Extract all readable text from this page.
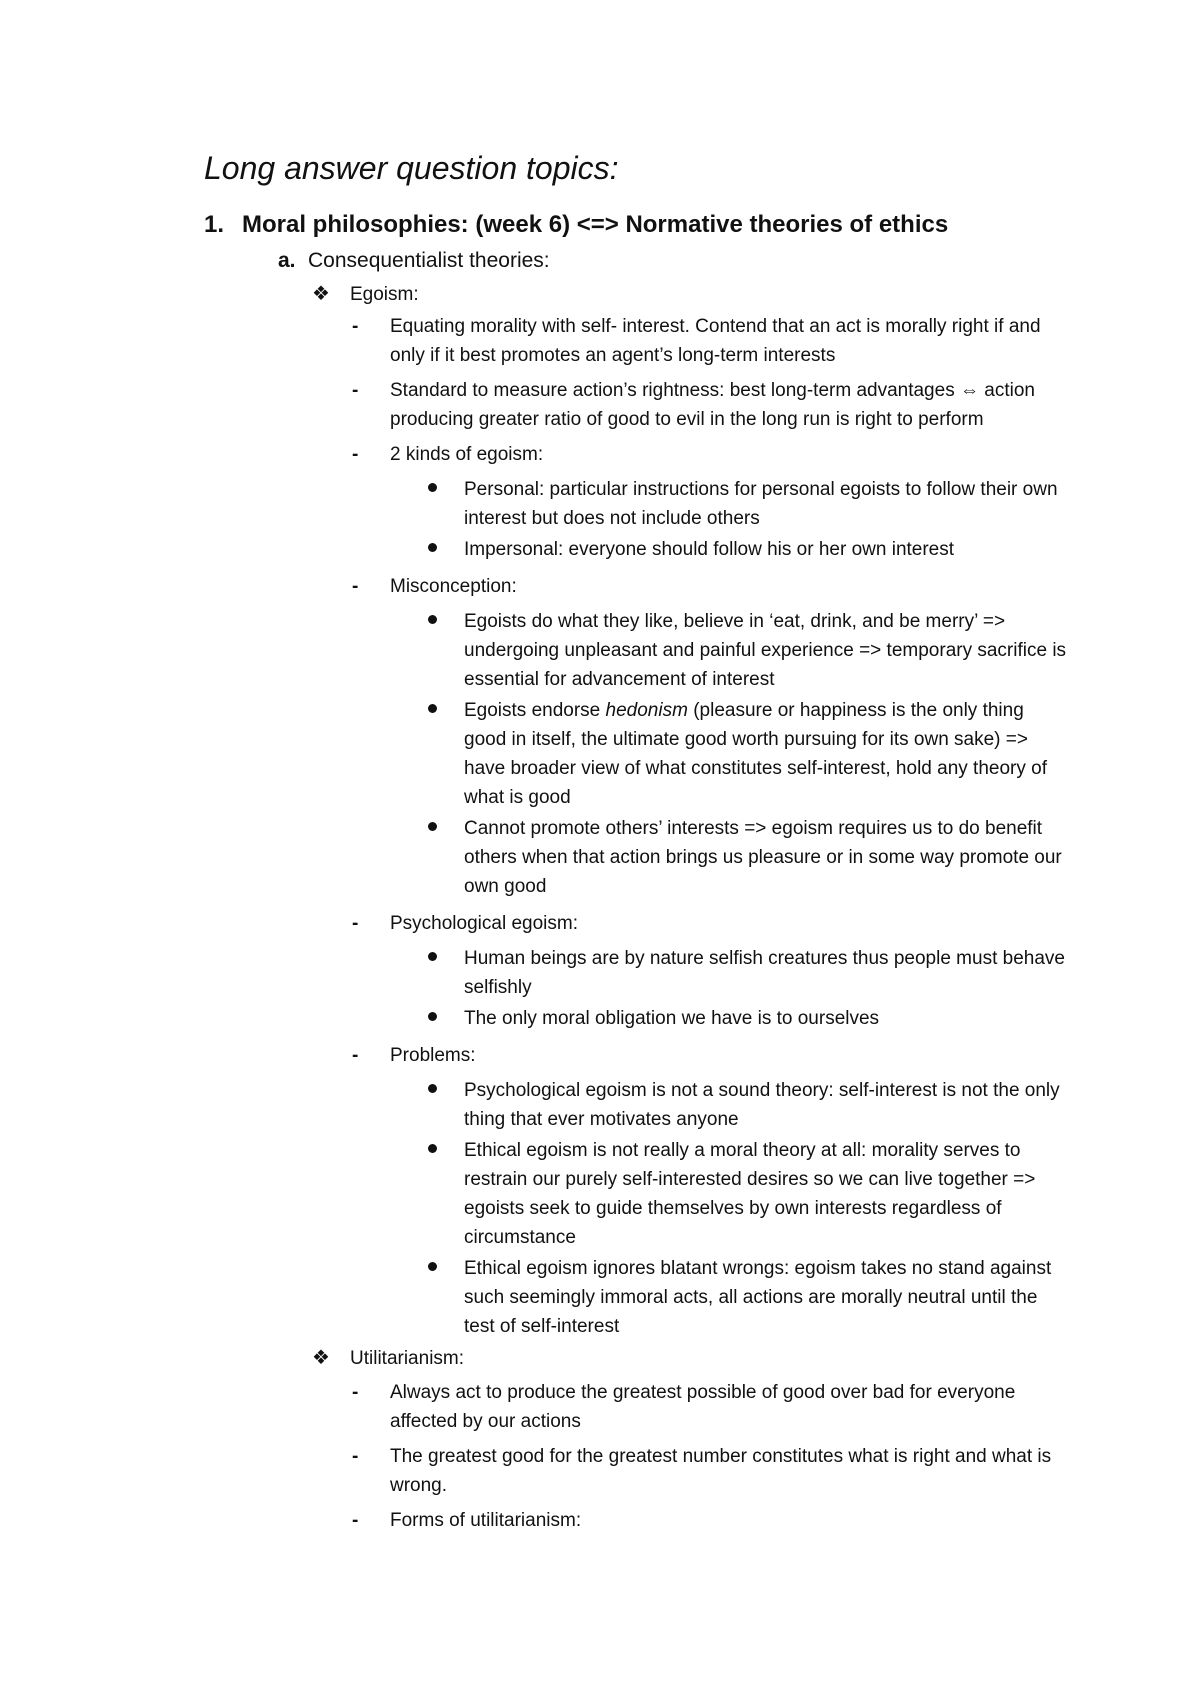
Long answer question topics:
1. Moral philosophies: (week 6) <=> Normative theories of ethics
a. Consequentialist theories:
❖	Egoism:
-	Equating morality with self- interest. Contend that an act is morally right if and only if it best promotes an agent’s long-term interests
-	Standard to measure action’s rightness: best long-term advantages ⇔ action producing greater ratio of good to evil in the long run is right to perform
-	2 kinds of egoism:
Personal: particular instructions for personal egoists to follow their own interest but does not include others
Impersonal: everyone should follow his or her own interest
-	Misconception:
Egoists do what they like, believe in ‘eat, drink, and be merry’ => undergoing unpleasant and painful experience => temporary sacrifice is essential for advancement of interest
Egoists endorse hedonism (pleasure or happiness is the only thing good in itself, the ultimate good worth pursuing for its own sake) => have broader view of what constitutes self-interest, hold any theory of what is good
Cannot promote others’ interests => egoism requires us to do benefit others when that action brings us pleasure or in some way promote our own good
-	Psychological egoism:
Human beings are by nature selfish creatures thus people must behave selfishly
The only moral obligation we have is to ourselves
-	Problems:
Psychological egoism is not a sound theory: self-interest is not the only thing that ever motivates anyone
Ethical egoism is not really a moral theory at all: morality serves to restrain our purely self-interested desires so we can live together => egoists seek to guide themselves by own interests regardless of circumstance
Ethical egoism ignores blatant wrongs: egoism takes no stand against such seemingly immoral acts, all actions are morally neutral until the test of self-interest
❖	Utilitarianism:
-	Always act to produce the greatest possible of good over bad for everyone affected by our actions
-	The greatest good for the greatest number constitutes what is right and what is wrong.
-	Forms of utilitarianism:
